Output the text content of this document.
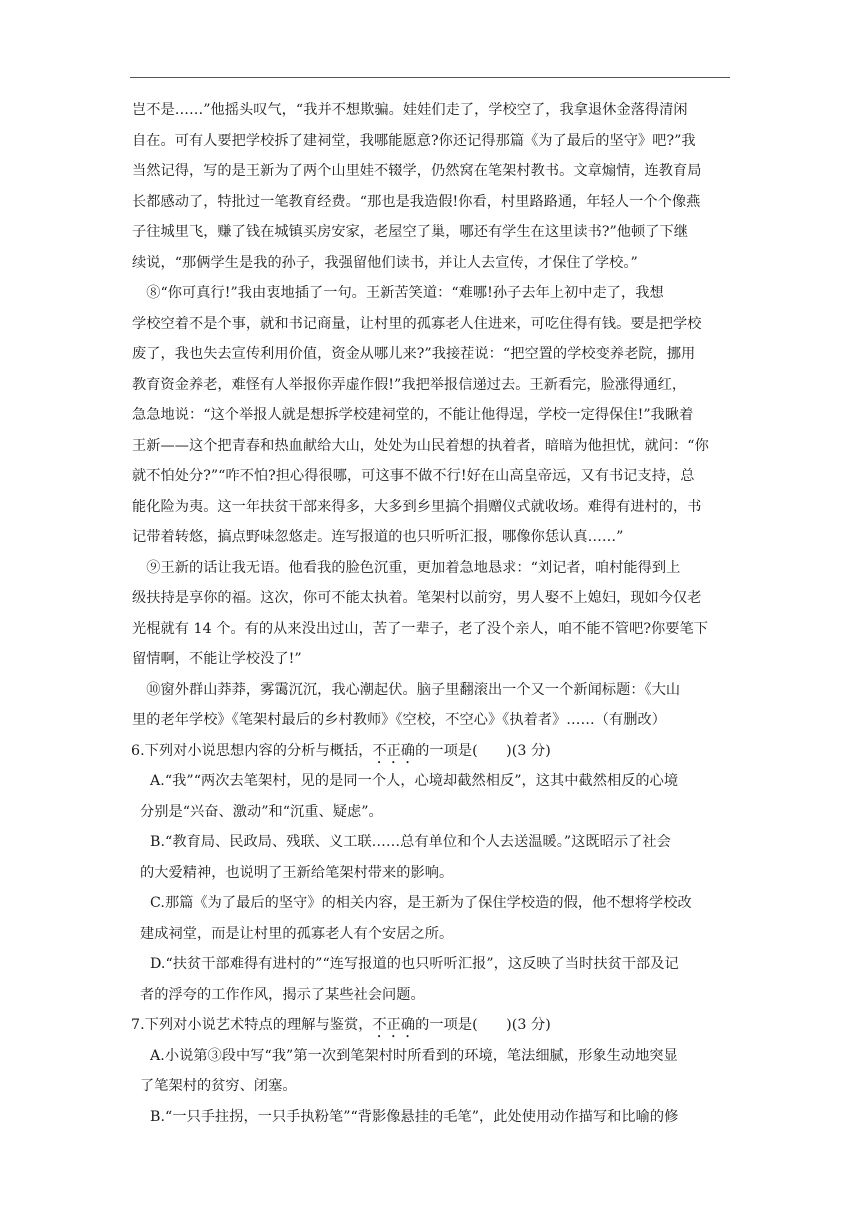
岂不是……”他摇头叹气，“我并不想欺骗。娃娃们走了，学校空了，我拿退休金落得清闲
自在。可有人要把学校拆了建祠堂，我哪能愿意?你还记得那篇《为了最后的坚守》吧?”我
当然记得，写的是王新为了两个山里娃不辍学，仍然窝在笔架村教书。文章煽情，连教育局
长都感动了，特批过一笔教育经费。“那也是我造假!你看，村里路路通，年轻人一个个像燕
子往城里飞，赚了钱在城镇买房安家，老屋空了巢，哪还有学生在这里读书?”他顿了下继
续说，“那俩学生是我的孙子，我强留他们读书，并让人去宣传，才保住了学校。”
　⑧“你可真行!”我由衷地插了一句。王新苦笑道：“难哪!孙子去年上初中走了，我想
学校空着不是个事，就和书记商量，让村里的孤寡老人住进来，可吃住得有钱。要是把学校
废了，我也失去宣传利用价值，资金从哪儿来?”我接茬说：“把空置的学校变养老院，挪用
教育资金养老，难怪有人举报你弄虚作假!”我把举报信递过去。王新看完，脸涨得通红，
急急地说：“这个举报人就是想拆学校建祠堂的，不能让他得逞，学校一定得保住!”我瞅着
王新——这个把青春和热血献给大山，处处为山民着想的执着者，暗暗为他担忧，就问：“你
就不怕处分?”“咋不怕?担心得很哪，可这事不做不行!好在山高皇帝远，又有书记支持，总
能化险为夷。这一年扶贫干部来得多，大多到乡里搞个捐赠仪式就收场。难得有进村的，书
记带着转悠，搞点野味忽悠走。连写报道的也只听听汇报，哪像你恁认真……”
　⑨王新的话让我无语。他看我的脸色沉重，更加着急地恳求：“刘记者，咱村能得到上
级扶持是享你的福。这次，你可不能太执着。笔架村以前穷，男人娶不上媳妇，现如今仅老
光棍就有 14 个。有的从来没出过山，苦了一辈子，老了没个亲人，咱不能不管吧?你要笔下
留情啊，不能让学校没了!”
　⑩窗外群山莽莽，雾霭沉沉，我心潮起伏。脑子里翻滚出一个又一个新闻标题：《大山
里的老年学校》《笔架村最后的乡村教师》《空校，不空心》《执着者》……（有删改）
6.下列对小说思想内容的分析与概括，不正确的一项是(　　)(3 分)
A.“我”“两次去笔架村，见的是同一个人，心境却截然相反”，这其中截然相反的心境
分别是“兴奋、激动”和“沉重、疑虑”。
B.“教育局、民政局、残联、义工联……总有单位和个人去送温暖。”这既昭示了社会
的大爱精神，也说明了王新给笔架村带来的影响。
C.那篇《为了最后的坚守》的相关内容，是王新为了保住学校造的假，他不想将学校改
建成祠堂，而是让村里的孤寡老人有个安居之所。
D.“扶贫干部难得有进村的”“连写报道的也只听听汇报”，这反映了当时扶贫干部及记
者的浮夸的工作作风，揭示了某些社会问题。
7.下列对小说艺术特点的理解与鉴赏，不正确的一项是(　　)(3 分)
A.小说第③段中写“我”第一次到笔架村时所看到的环境，笔法细腻，形象生动地突显
了笔架村的贫穷、闭塞。
B.“一只手拄拐，一只手执粉笔”“背影像悬挂的毛笔”，此处使用动作描写和比喻的修
